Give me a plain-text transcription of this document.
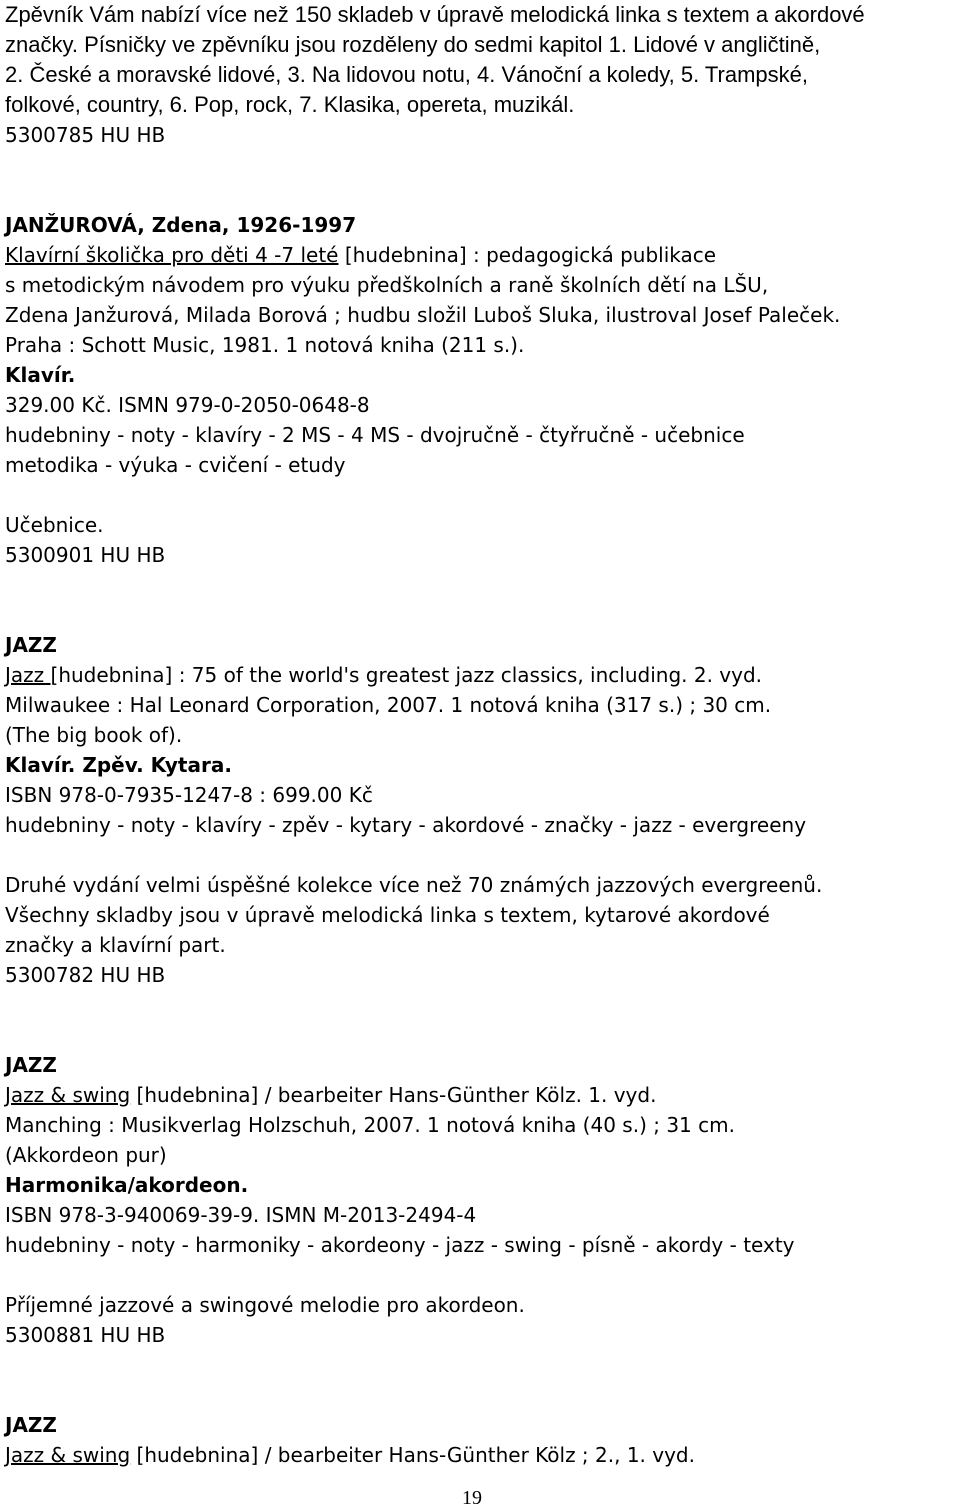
Zpěvník Vám nabízí více než 150 skladeb v úpravě melodická linka s textem a akordové
značky. Písničky ve zpěvníku jsou rozděleny do sedmi kapitol 1. Lidové v angličtině,
2. České a moravské lidové, 3. Na lidovou notu, 4. Vánoční a koledy, 5. Trampské,
folkové, country, 6. Pop, rock, 7. Klasika, opereta, muzikál.
5300785 HU HB
JANŽUROVÁ, Zdena, 1926-1997
Klavírní školička pro děti 4 -7 leté [hudebnina] : pedagogická publikace
s metodickým návodem pro výuku předškolních a raně školních dětí na LŠU,
Zdena Janžurová, Milada Borová ; hudbu složil Luboš Sluka, ilustroval Josef Paleček.
Praha : Schott Music, 1981. 1 notová kniha (211 s.).
Klavír.
329.00 Kč. ISMN 979-0-2050-0648-8
hudebniny - noty - klavíry - 2 MS - 4 MS - dvojručně - čtyřručně - učebnice
metodika - výuka - cvičení - etudy
Učebnice.
5300901 HU HB
JAZZ
Jazz [hudebnina] : 75 of the world's greatest jazz classics, including. 2. vyd.
Milwaukee : Hal Leonard Corporation, 2007. 1 notová kniha (317 s.) ; 30 cm.
(The big book of).
Klavír. Zpěv. Kytara.
ISBN 978-0-7935-1247-8 : 699.00 Kč
hudebniny - noty - klavíry - zpěv - kytary - akordové - značky - jazz - evergreeny
Druhé vydání velmi úspěšné kolekce více než 70 známých jazzových evergreenů.
Všechny skladby jsou v úpravě melodická linka s textem, kytarové akordové
značky a klavírní part.
5300782 HU HB
JAZZ
Jazz & swing [hudebnina] / bearbeiter Hans-Günther Kölz. 1. vyd.
Manching : Musikverlag Holzschuh, 2007. 1 notová kniha (40 s.) ; 31 cm.
(Akkordeon pur)
Harmonika/akordeon.
ISBN 978-3-940069-39-9. ISMN M-2013-2494-4
hudebniny - noty - harmoniky - akordeony - jazz - swing - písně - akordy - texty
Příjemné jazzové a swingové melodie pro akordeon.
5300881 HU HB
JAZZ
Jazz & swing [hudebnina] / bearbeiter Hans-Günther Kölz ; 2., 1. vyd.
19
